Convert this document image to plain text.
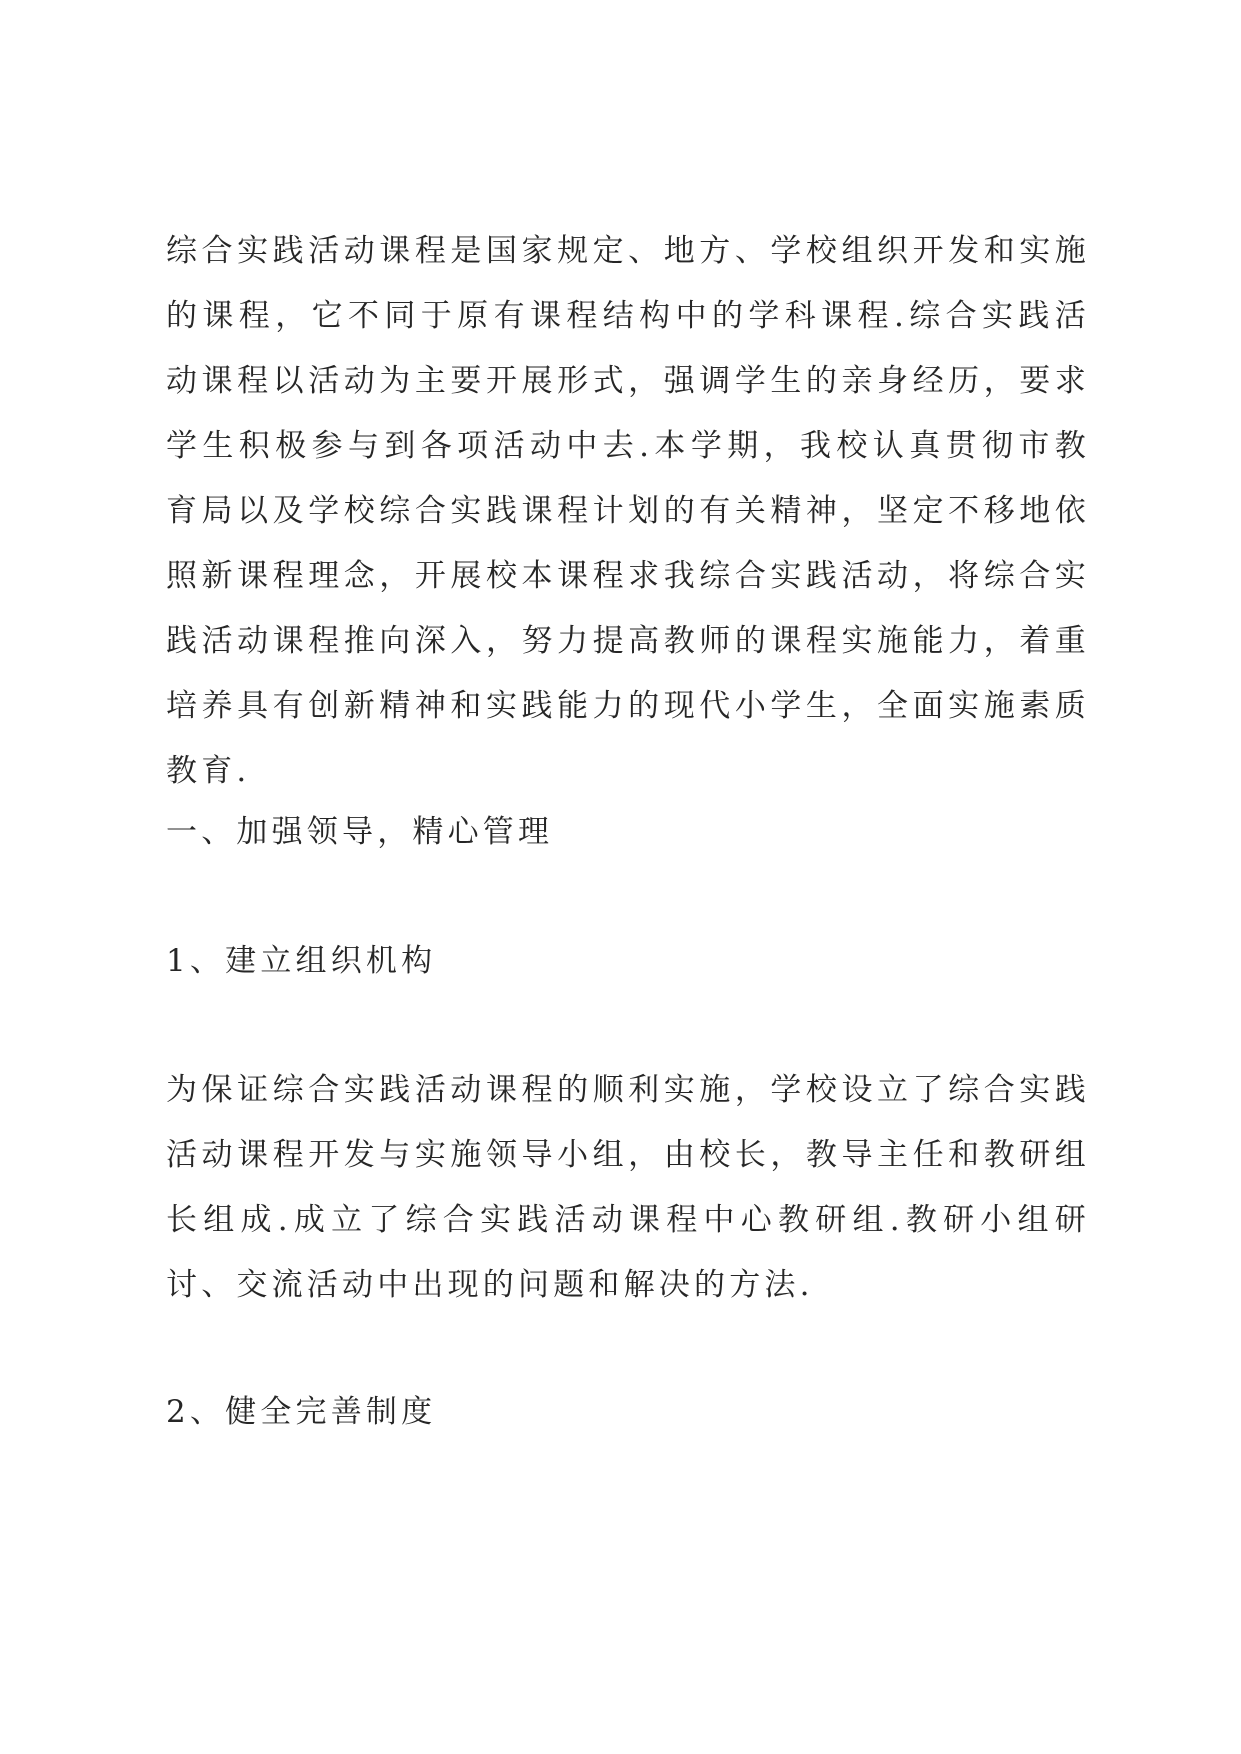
综合实践活动课程是国家规定、地方、学校组织开发和实施的课程，它不同于原有课程结构中的学科课程.综合实践活动课程以活动为主要开展形式，强调学生的亲身经历，要求学生积极参与到各项活动中去.本学期，我校认真贯彻市教育局以及学校综合实践课程计划的有关精神，坚定不移地依照新课程理念，开展校本课程求我综合实践活动，将综合实践活动课程推向深入，努力提高教师的课程实施能力，着重培养具有创新精神和实践能力的现代小学生，全面实施素质教育.

一、加强领导，精心管理

1、建立组织机构

为保证综合实践活动课程的顺利实施，学校设立了综合实践活动课程开发与实施领导小组，由校长，教导主任和教研组长组成.成立了综合实践活动课程中心教研组.教研小组研讨、交流活动中出现的问题和解决的方法.

2、健全完善制度
